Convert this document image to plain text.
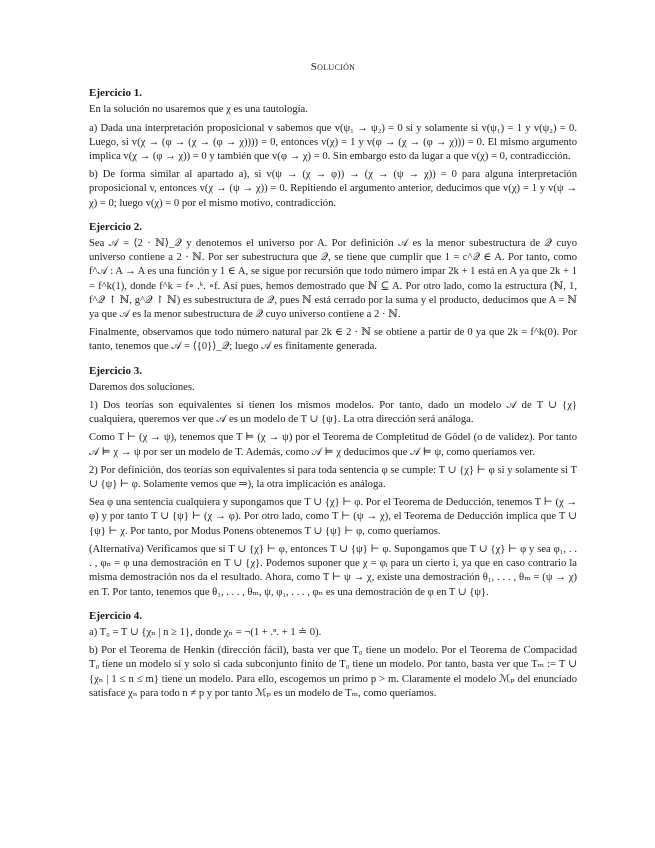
Solución
Ejercicio 1.

En la solución no usaremos que χ es una tautología.

a) Dada una interpretación proposicional v sabemos que v(ψ₁ → ψ₂) = 0 si y solamente si v(ψ₁) = 1 y v(ψ₂) = 0. Luego, si v(χ → (φ → (χ → (φ → χ)))) = 0, entonces v(χ) = 1 y v(φ → (χ → (φ → χ))) = 0. El mismo argumento implica v(χ → (φ → χ)) = 0 y también que v(φ → χ) = 0. Sin embargo esto da lugar a que v(χ) = 0, contradicción.

b) De forma similar al apartado a), si v(ψ → (χ → φ)) → (χ → (ψ → χ)) = 0 para alguna interpretación proposicional v, entonces v(χ → (ψ → χ)) = 0. Repitiendo el argumento anterior, deducimos que v(χ) = 1 y v(ψ → χ) = 0; luego v(χ) = 0 por el mismo motivo, contradicción.

Ejercicio 2.

Sea 𝒜 = ⟨2 · ℕ⟩_𝒬 y denotemos el universo por A. Por definición 𝒜 es la menor subestructura de 𝒬 cuyo universo contiene a 2 · ℕ. Por ser subestructura que 𝒬, se tiene que cumplir que 1 = c^𝒬 ∈ A. Por tanto, como f^𝒜 : A → A es una función y 1 ∈ A, se sigue por recursión que todo número impar 2k + 1 está en A ya que 2k + 1 = f^k(1), donde f^k = f∘ .ᵏ. ∘f. Así pues, hemos demostrado que ℕ ⊆ A. Por otro lado, como la estructura (ℕ, 1, f^𝒬 ↾ ℕ, g^𝒬 ↾ ℕ) es subestructura de 𝒬, pues ℕ está cerrado por la suma y el producto, deducimos que A = ℕ ya que 𝒜 es la menor subestructura de 𝒬 cuyo universo contiene a 2 · ℕ.

Finalmente, observamos que todo número natural par 2k ∈ 2 · ℕ se obtiene a partir de 0 ya que 2k = f^k(0). Por tanto, tenemos que 𝒜 = ⟨{0}⟩_𝒬; luego 𝒜 es finitamente generada.

Ejercicio 3.

Daremos dos soluciones.

1) Dos teorías son equivalentes si tienen los mismos modelos. Por tanto, dado un modelo 𝒜 de T ∪ {χ} cualquiera, queremos ver que 𝒜 es un modelo de T ∪ {ψ}. La otra dirección será análoga.

Como T ⊢ (χ → ψ), tenemos que T ⊨ (χ → ψ) por el Teorema de Completitud de Gödel (o de validez). Por tanto 𝒜 ⊨ χ → ψ por ser un modelo de T. Además, como 𝒜 ⊨ χ deducimos que 𝒜 ⊨ ψ, como queríamos ver.

2) Por definición, dos teorías son equivalentes si para toda sentencia φ se cumple: T ∪ {χ} ⊢ φ si y solamente si T ∪ {ψ} ⊢ φ. Solamente vemos que ⇒), la otra implicación es análoga.

Sea φ una sentencia cualquiera y supongamos que T ∪ {χ} ⊢ φ. Por el Teorema de Deducción, tenemos T ⊢ (χ → φ) y por tanto T ∪ {ψ} ⊢ (χ → φ). Por otro lado, como T ⊢ (ψ → χ), el Teorema de Deducción implica que T ∪ {ψ} ⊢ χ. Por tanto, por Modus Ponens obtenemos T ∪ {ψ} ⊢ φ, como queríamos.

(Alternativa) Verificamos que si T ∪ {χ} ⊢ φ, entonces T ∪ {ψ} ⊢ φ. Supongamos que T ∪ {χ} ⊢ φ y sea φ₁, . . . , φₙ = φ una demostración en T ∪ {χ}. Podemos suponer que χ = φᵢ para un cierto i, ya que en caso contrario la misma demostración nos da el resultado. Ahora, como T ⊢ ψ → χ, existe una demostración θ₁, . . . , θₘ = (ψ → χ) en T. Por tanto, tenemos que θ₁, . . . , θₘ, ψ, φ₁, . . . , φₙ es una demostración de φ en T ∪ {ψ}.

Ejercicio 4.

a) T₀ = T ∪ {χₙ | n ≥ 1}, donde χₙ = ¬(1 + .ⁿ. + 1 ≐ 0).

b) Por el Teorema de Henkin (dirección fácil), basta ver que T₀ tiene un modelo. Por el Teorema de Compacidad T₀ tiene un modelo si y solo si cada subconjunto finito de T₀ tiene un modelo. Por tanto, basta ver que Tₘ := T ∪ {χₙ | 1 ≤ n ≤ m} tiene un modelo. Para ello, escogemos un primo p > m. Claramente el modelo ℳₚ del enunciado satisface χₙ para todo n ≠ p y por tanto ℳₚ es un modelo de Tₘ, como queríamos.
